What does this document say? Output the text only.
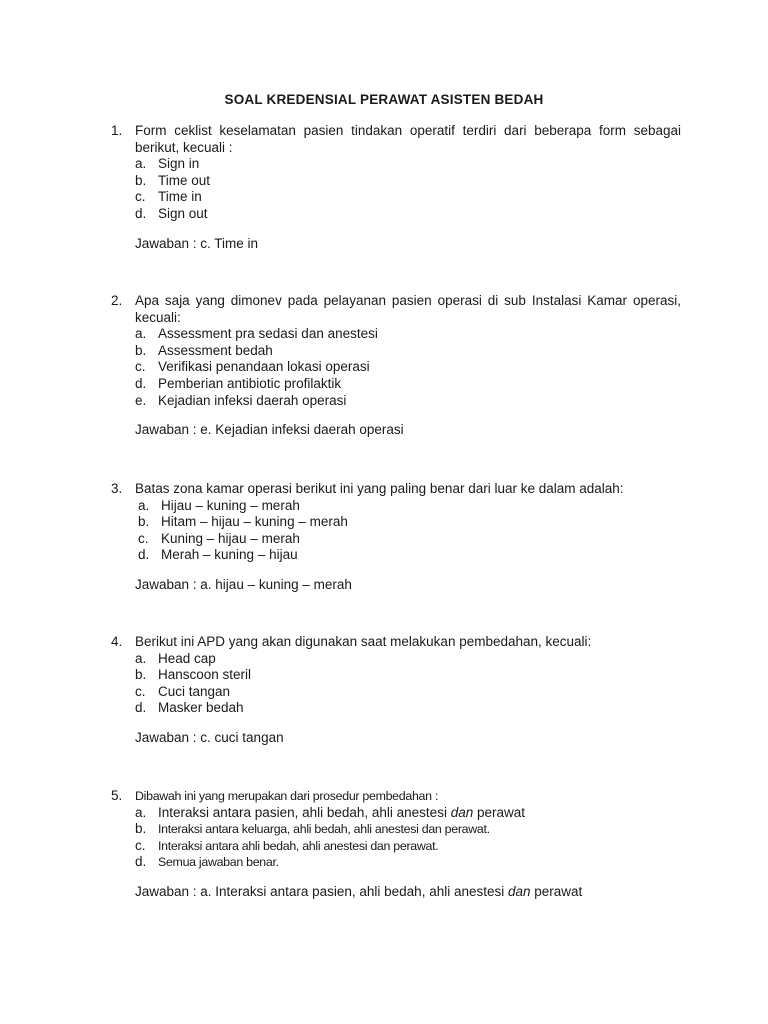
SOAL KREDENSIAL PERAWAT ASISTEN BEDAH
1. Form ceklist keselamatan pasien tindakan operatif terdiri dari beberapa form sebagai berikut, kecuali :
a. Sign in
b. Time out
c. Time in
d. Sign out
Jawaban : c. Time in
2. Apa saja yang dimonev pada pelayanan pasien operasi di sub Instalasi Kamar operasi, kecuali:
a. Assessment pra sedasi dan anestesi
b. Assessment bedah
c. Verifikasi penandaan lokasi operasi
d. Pemberian antibiotic profilaktik
e. Kejadian infeksi daerah operasi
Jawaban : e. Kejadian infeksi daerah operasi
3. Batas zona kamar operasi berikut ini yang paling benar dari luar ke dalam adalah:
a. Hijau – kuning – merah
b. Hitam – hijau – kuning – merah
c. Kuning – hijau – merah
d. Merah – kuning – hijau
Jawaban : a. hijau – kuning – merah
4. Berikut ini APD yang akan digunakan saat melakukan pembedahan, kecuali:
a. Head cap
b. Hanscoon steril
c. Cuci tangan
d. Masker bedah
Jawaban : c. cuci tangan
5.	Dibawah ini yang merupakan dari prosedur pembedahan :
a. Interaksi antara pasien, ahli bedah, ahli anestesi dan perawat
b. Interaksi antara keluarga, ahli bedah, ahli anestesi dan perawat.
c.	Interaksi antara ahli bedah, ahli anestesi dan perawat.
d. Semua jawaban benar.
Jawaban : a. Interaksi antara pasien, ahli bedah, ahli anestesi dan perawat
